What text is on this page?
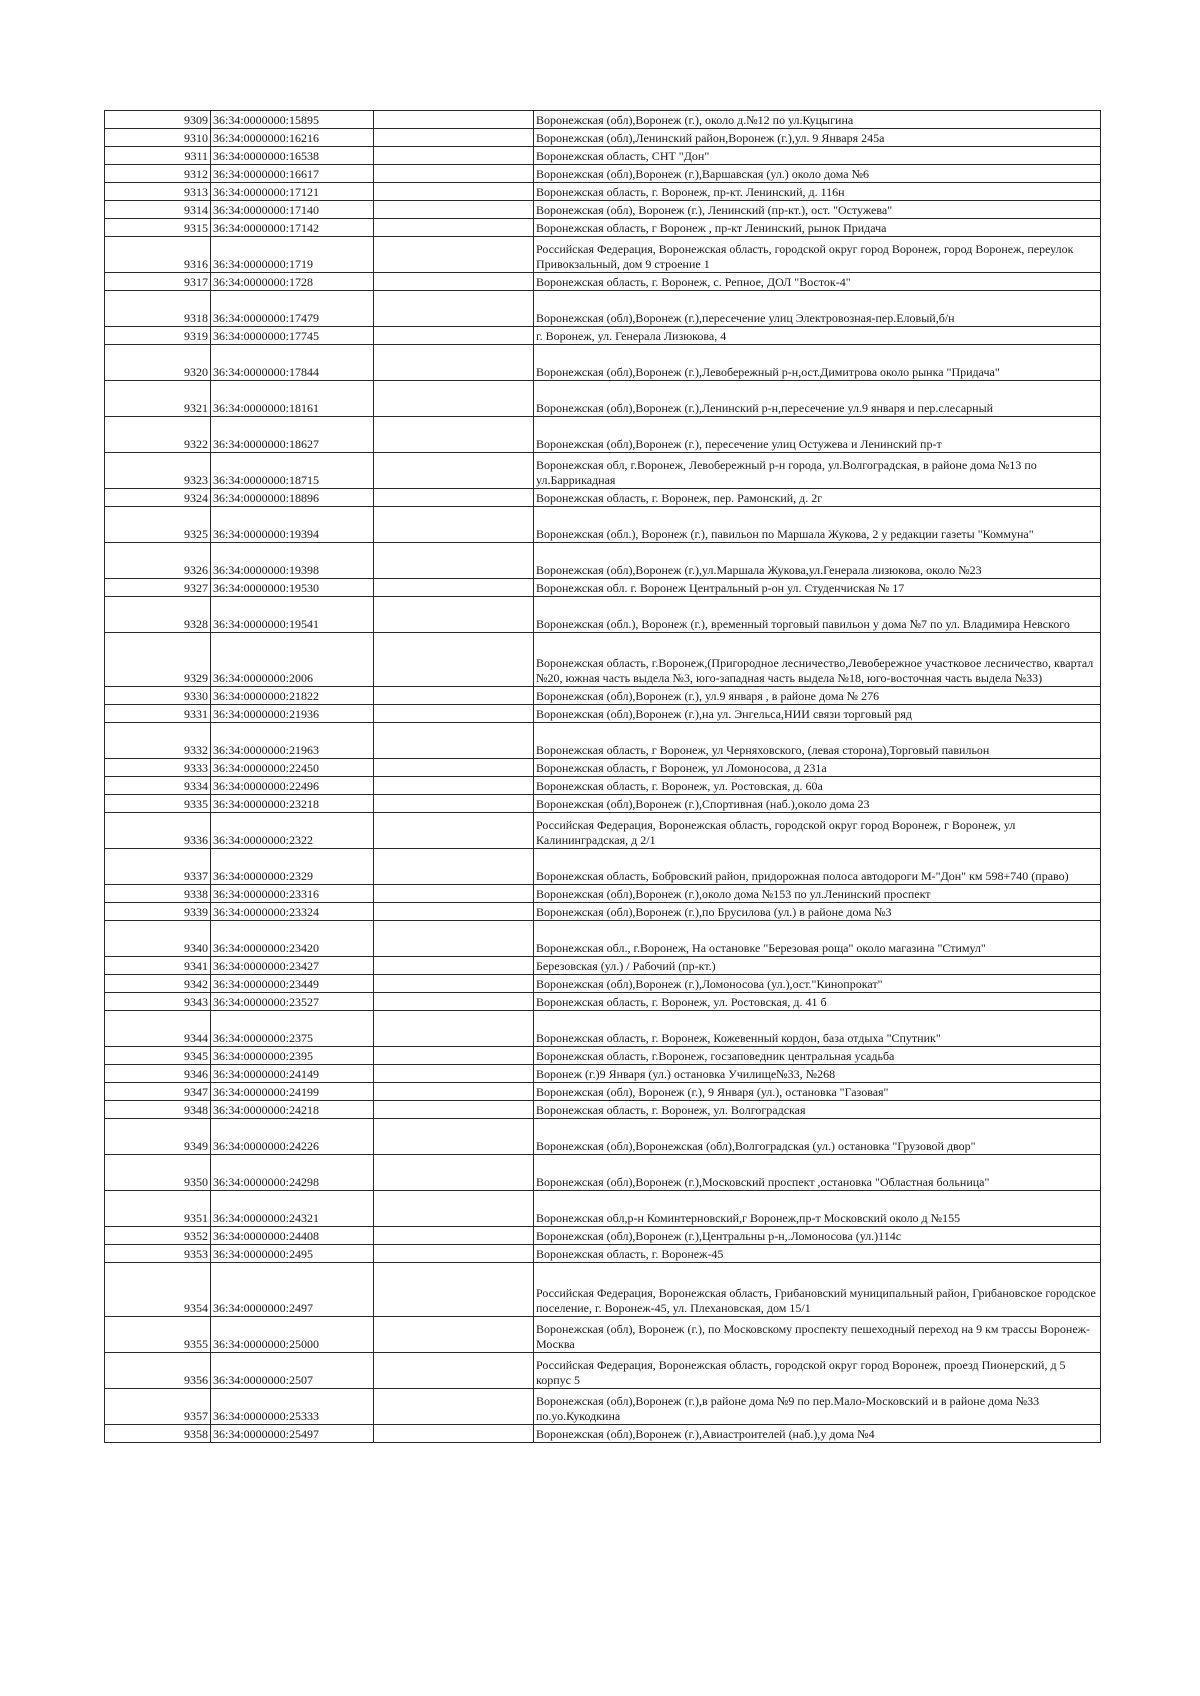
9309	36:34:0000000:15895		Воронежская (обл),Воронеж (г.), около д.№12 по ул.Куцыгина
9310	36:34:0000000:16216		Воронежская (обл),Ленинский район,Воронеж (г.),ул. 9 Января 245а
9311	36:34:0000000:16538		Воронежская область, СНТ "Дон"
9312	36:34:0000000:16617		Воронежская (обл),Воронеж (г.),Варшавская (ул.) около дома №6
9313	36:34:0000000:17121		Воронежская область, г. Воронеж, пр-кт. Ленинский, д. 116н
9314	36:34:0000000:17140		Воронежская (обл), Воронеж (г.), Ленинский (пр-кт.), ост. "Остужева"
9315	36:34:0000000:17142		Воронежская область, г Воронеж , пр-кт Ленинский, рынок Придача
9316	36:34:0000000:1719		Российская Федерация, Воронежская область, городской округ город Воронеж, город Воронеж, переулок Привокзальный, дом 9 строение 1
9317	36:34:0000000:1728		Воронежская область, г. Воронеж, с. Репное, ДОЛ "Восток-4"
9318	36:34:0000000:17479		Воронежская (обл),Воронеж (г.),пересечение улиц Электровозная-пер.Еловый,б/н
9319	36:34:0000000:17745		г. Воронеж, ул. Генерала Лизюкова, 4
9320	36:34:0000000:17844		Воронежская (обл),Воронеж (г.),Левобережный р-н,ост.Димитрова около рынка "Придача"
9321	36:34:0000000:18161		Воронежская (обл),Воронеж (г.),Ленинский р-н,пересечение ул.9 января и пер.слесарный
9322	36:34:0000000:18627		Воронежская (обл),Воронеж (г.), пересечение улиц Остужева и Ленинский пр-т
9323	36:34:0000000:18715		Воронежская обл, г.Воронеж, Левобережный р-н города, ул.Волгоградская, в районе дома №13 по ул.Баррикадная
9324	36:34:0000000:18896		Воронежская область, г. Воронеж, пер. Рамонский, д. 2г
9325	36:34:0000000:19394		Воронежская (обл.), Воронеж (г.), павильон по Маршала Жукова, 2 у редакции газеты "Коммуна"
9326	36:34:0000000:19398		Воронежская (обл),Воронеж (г.),ул.Маршала Жукова,ул.Генерала лизюкова, около №23
9327	36:34:0000000:19530		Воронежская обл. г. Воронеж Центральный р-он ул. Студенчиская № 17
9328	36:34:0000000:19541		Воронежская (обл.), Воронеж (г.), временный торговый павильон у дома №7 по ул. Владимира Невского
9329	36:34:0000000:2006		Воронежская область, г.Воронеж,(Пригородное лесничество,Левобережное участковое лесничество, квартал №20, южная часть выдела №3, юго-западная часть выдела №18, юго-восточная часть выдела №33)
9330	36:34:0000000:21822		Воронежская (обл),Воронеж (г.), ул.9 января , в районе дома № 276
9331	36:34:0000000:21936		Воронежская (обл),Воронеж (г.),на ул. Энгельса,НИИ связи торговый ряд
9332	36:34:0000000:21963		Воронежская область, г Воронеж, ул Черняховского, (левая сторона),Торговый павильон
9333	36:34:0000000:22450		Воронежская область, г Воронеж, ул Ломоносова, д 231а
9334	36:34:0000000:22496		Воронежская область, г. Воронеж, ул. Ростовская, д. 60а
9335	36:34:0000000:23218		Воронежская (обл),Воронеж (г.),Спортивная (наб.),около дома 23
9336	36:34:0000000:2322		Российская Федерация, Воронежская область, городской округ город Воронеж, г Воронеж, ул Калининградская, д 2/1
9337	36:34:0000000:2329		Воронежская область, Бобровский район, придорожная полоса автодороги М-"Дон" км 598+740 (право)
9338	36:34:0000000:23316		Воронежская (обл),Воронеж (г.),около дома №153 по ул.Ленинский проспект
9339	36:34:0000000:23324		Воронежская (обл),Воронеж (г.),по Брусилова (ул.) в районе дома №3
9340	36:34:0000000:23420		Воронежская обл., г.Воронеж, На остановке "Березовая роща" около магазина "Стимул"
9341	36:34:0000000:23427		Березовская (ул.) / Рабочий (пр-кт.)
9342	36:34:0000000:23449		Воронежская (обл),Воронеж (г.),Ломоносова (ул.),ост."Кинопрокат"
9343	36:34:0000000:23527		Воронежская область, г. Воронеж, ул. Ростовская, д. 41 б
9344	36:34:0000000:2375		Воронежская область, г. Воронеж, Кожевенный кордон, база отдыха "Спутник"
9345	36:34:0000000:2395		Воронежская область, г.Воронеж, госзаповедник центральная усадьба
9346	36:34:0000000:24149		Воронеж (г.)9 Января (ул.) остановка Училище№33, №268
9347	36:34:0000000:24199		Воронежская (обл), Воронеж (г.), 9 Января (ул.), остановка "Газовая"
9348	36:34:0000000:24218		Воронежская область, г. Воронеж, ул. Волгоградская
9349	36:34:0000000:24226		Воронежская (обл),Воронежская (обл),Волгоградская (ул.) остановка "Грузовой двор"
9350	36:34:0000000:24298		Воронежская (обл),Воронеж (г.),Московский проспект ,остановка "Областная больница"
9351	36:34:0000000:24321		Воронежская обл,р-н Коминтерновский,г Воронеж,пр-т Московский около д №155
9352	36:34:0000000:24408		Воронежская (обл),Воронеж (г.),Центральны р-н,.Ломоносова (ул.)114с
9353	36:34:0000000:2495		Воронежская область, г. Воронеж-45
9354	36:34:0000000:2497		Российская Федерация, Воронежская область, Грибановский муниципальный район, Грибановское городское поселение, г. Воронеж-45, ул. Плехановская, дом 15/1
9355	36:34:0000000:25000		Воронежская (обл), Воронеж (г.), по Московскому проспекту пешеходный переход на 9 км трассы Воронеж-Москва
9356	36:34:0000000:2507		Российская Федерация, Воронежская область, городской округ город Воронеж, проезд Пионерский, д 5 корпус 5
9357	36:34:0000000:25333		Воронежская (обл),Воронеж (г.),в районе дома №9 по пер.Мало-Московский и в районе дома №33 по.уо.Кукодкина
9358	36:34:0000000:25497		Воронежская (обл),Воронеж (г.),Авиастроителей (наб.),у дома №4
